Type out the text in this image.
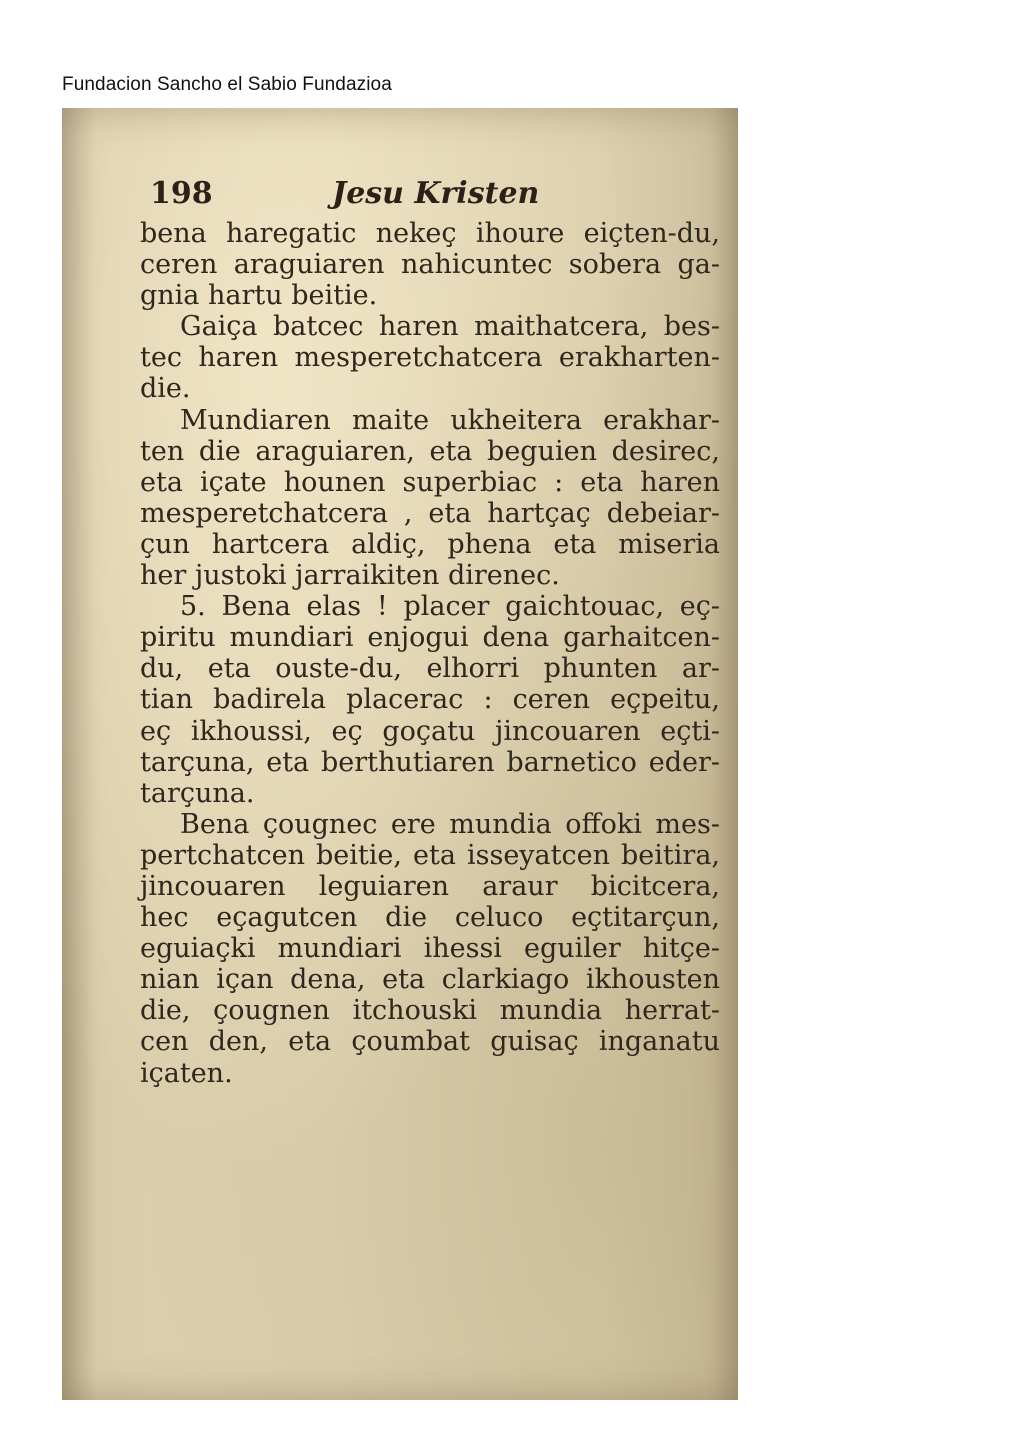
Fundacion Sancho el Sabio Fundazioa
198	Jesu Kristen
bena haregatic nekeç ihoure eiçten-du,
ceren araguiaren nahicuntec sobera ga-
gnia hartu beitie.
Gaiça batcec haren maithatcera, bes-
tec haren mesperetchatcera erakharten-
die.
Mundiaren maite ukheitera erakhar-
ten die araguiaren, eta beguien desirec,
eta içate hounen superbiac : eta haren
mesperetchatcera , eta hartçaç debeiar-
çun hartcera aldiç, phena eta miseria
her justoki jarraikiten direnec.
5. Bena elas ! placer gaichtouac, eç-
piritu mundiari enjogui dena garhaitcen-
du, eta ouste-du, elhorri phunten ar-
tian badirela placerac : ceren eçpeitu,
eç ikhoussi, eç goçatu jincouaren eçti-
tarçuna, eta berthutiaren barnetico eder-
tarçuna.
Bena çougnec ere mundia offoki mes-
pertchatcen beitie, eta isseyatcen beitira,
jincouaren leguiaren araur bicitcera,
hec eçagutcen die celuco eçtitarçun,
eguiaçki mundiari ihessi eguiler hitçe-
nian içan dena, eta clarkiago ikhousten
die, çougnen itchouski mundia herrat-
cen den, eta çoumbat guisaç inganatu
içaten.
